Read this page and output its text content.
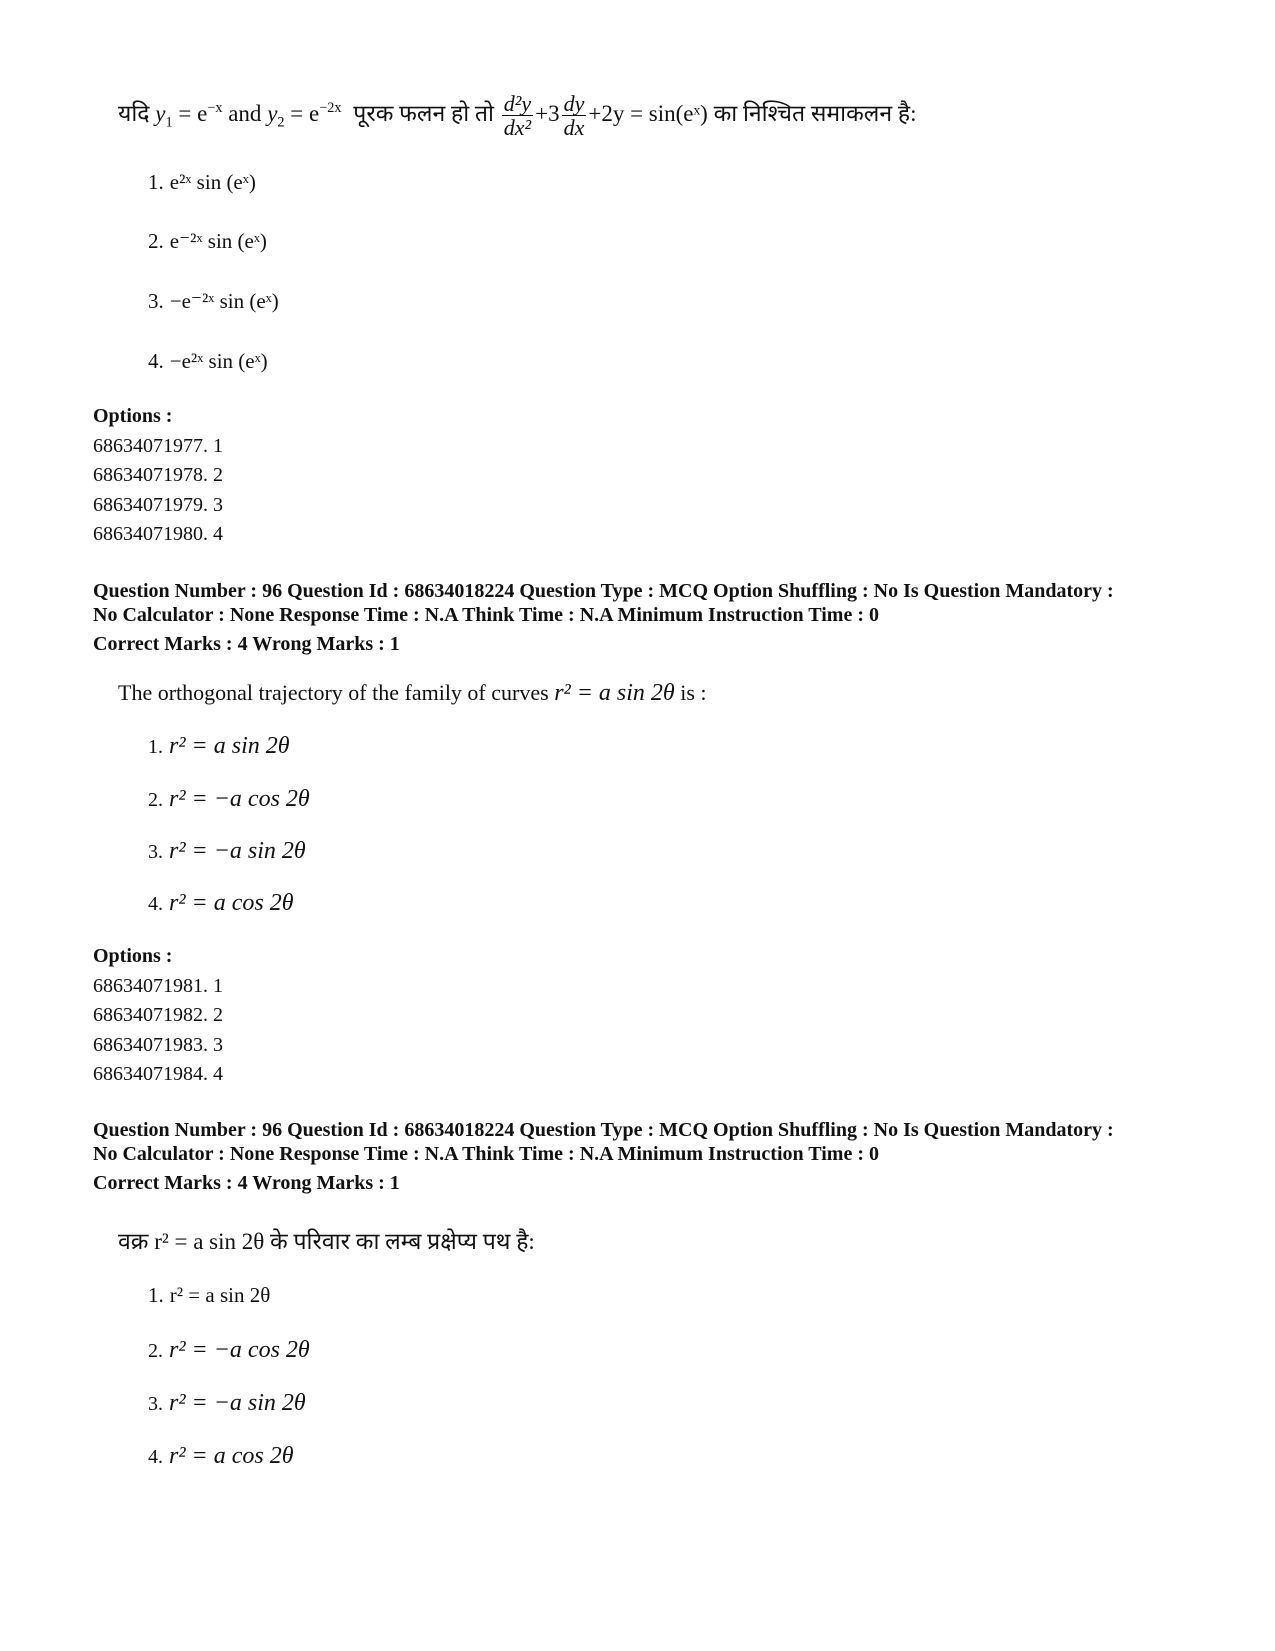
यदि $y_1 = e^{-x}$ and $y_2 = e^{-2x}$ पूरक फलन हो तो $\frac{\text{d²y}}{\text{dx²}} +3 \frac{dy}{dx} +2y$ = sin(eˣ) का निश्चित समाकलन है:
1. e²ˣ sin (eˣ)
2. e⁻²ˣ sin (eˣ)
3. −e⁻²ˣ sin (eˣ)
4. −e²ˣ sin (eˣ)
Options :
68634071977. 1
68634071978. 2
68634071979. 3
68634071980. 4
Question Number : 96 Question Id : 68634018224 Question Type : MCQ Option Shuffling : No Is Question Mandatory :
No Calculator : None Response Time : N.A Think Time : N.A Minimum Instruction Time : 0
Correct Marks : 4 Wrong Marks : 1
The orthogonal trajectory of the family of curves r² = a sin 2θ is :
1. r² = a sin 2θ
2. r² = −a cos 2θ
3. r² = −a sin 2θ
4. r² = a cos 2θ
Options :
68634071981. 1
68634071982. 2
68634071983. 3
68634071984. 4
Question Number : 96 Question Id : 68634018224 Question Type : MCQ Option Shuffling : No Is Question Mandatory :
No Calculator : None Response Time : N.A Think Time : N.A Minimum Instruction Time : 0
Correct Marks : 4 Wrong Marks : 1
वक्र r² = a sin 2θ के परिवार का लम्ब प्रक्षेप्य पथ है:
1. r² = a sin 2θ
2. r² = −a cos 2θ
3. r² = −a sin 2θ
4. r² = a cos 2θ
